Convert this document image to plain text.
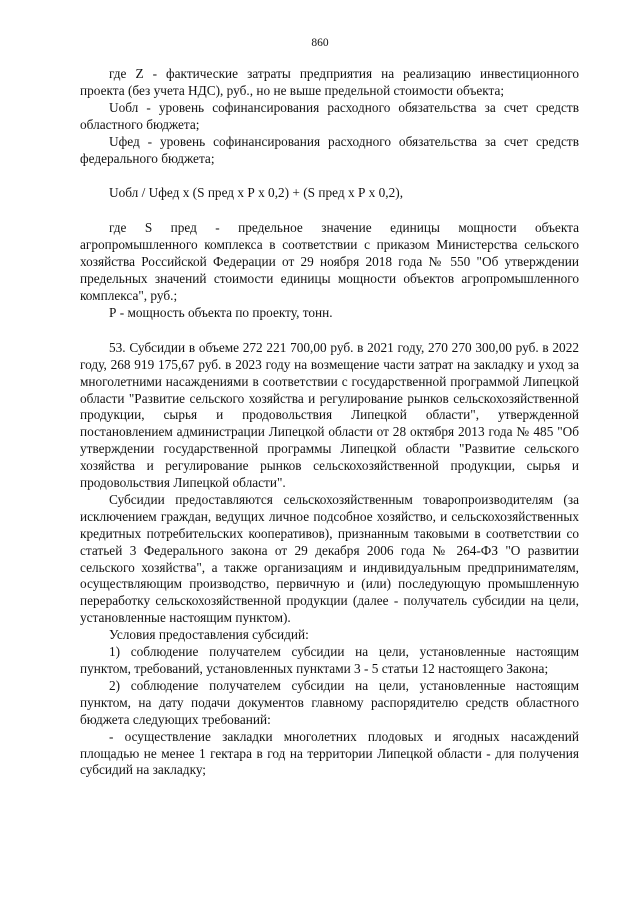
860

где Z - фактические затраты предприятия на реализацию инвестиционного проекта (без учета НДС), руб., но не выше предельной стоимости объекта;

Uобл - уровень софинансирования расходного обязательства за счет средств областного бюджета;

Uфед - уровень софинансирования расходного обязательства за счет средств федерального бюджета;

Uобл / Uфед х (S пред х Р х 0,2) + (S пред х Р х 0,2),

где S пред - предельное значение единицы мощности объекта агропромышленного комплекса в соответствии с приказом Министерства сельского хозяйства Российской Федерации от 29 ноября 2018 года № 550 "Об утверждении предельных значений стоимости единицы мощности объектов агропромышленного комплекса", руб.;

Р - мощность объекта по проекту, тонн.

53. Субсидии в объеме 272 221 700,00 руб. в 2021 году, 270 270 300,00 руб. в 2022 году, 268 919 175,67 руб. в 2023 году на возмещение части затрат на закладку и уход за многолетними насаждениями в соответствии с государственной программой Липецкой области "Развитие сельского хозяйства и регулирование рынков сельскохозяйственной продукции, сырья и продовольствия Липецкой области", утвержденной постановлением администрации Липецкой области от 28 октября 2013 года № 485 "Об утверждении государственной программы Липецкой области "Развитие сельского хозяйства и регулирование рынков сельскохозяйственной продукции, сырья и продовольствия Липецкой области".

Субсидии предоставляются сельскохозяйственным товаропроизводителям (за исключением граждан, ведущих личное подсобное хозяйство, и сельскохозяйственных кредитных потребительских кооперативов), признанным таковыми в соответствии со статьей 3 Федерального закона от 29 декабря 2006 года № 264-ФЗ "О развитии сельского хозяйства", а также организациям и индивидуальным предпринимателям, осуществляющим производство, первичную и (или) последующую промышленную переработку сельскохозяйственной продукции (далее - получатель субсидии на цели, установленные настоящим пунктом).

Условия предоставления субсидий:

1) соблюдение получателем субсидии на цели, установленные настоящим пунктом, требований, установленных пунктами 3 - 5 статьи 12 настоящего Закона;

2) соблюдение получателем субсидии на цели, установленные настоящим пунктом, на дату подачи документов главному распорядителю средств областного бюджета следующих требований:

- осуществление закладки многолетних плодовых и ягодных насаждений площадью не менее 1 гектара в год на территории Липецкой области - для получения субсидий на закладку;
